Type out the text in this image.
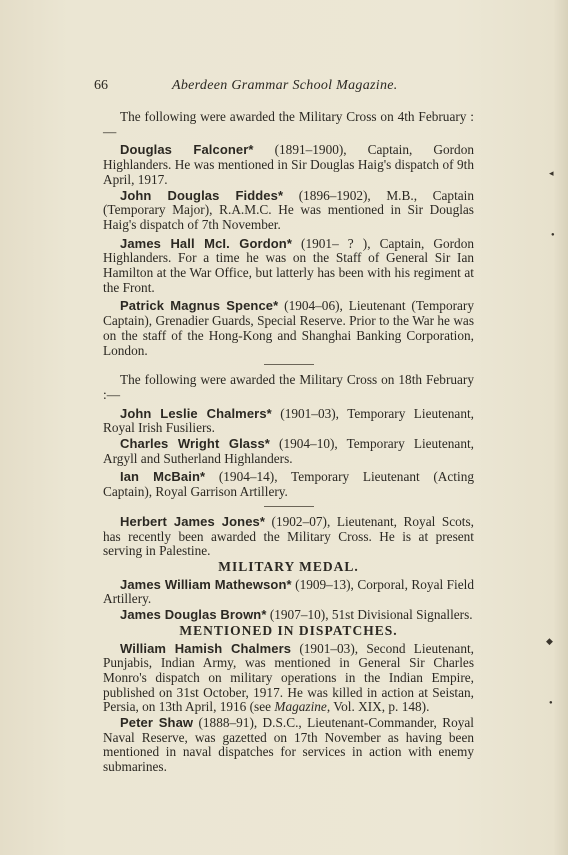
◂
●
◆
●
66	Aberdeen Grammar School Magazine.

The following were awarded the Military Cross on 4th February :—

Douglas Falconer* (1891–1900), Captain, Gordon Highlanders. He was mentioned in Sir Douglas Haig's dispatch of 9th April, 1917.

John Douglas Fiddes* (1896–1902), M.B., Captain (Temporary Major), R.A.M.C. He was mentioned in Sir Douglas Haig's dispatch of 7th November.

James Hall McI. Gordon* (1901– ? ), Captain, Gordon Highlanders. For a time he was on the Staff of General Sir Ian Hamilton at the War Office, but latterly has been with his regiment at the Front.

Patrick Magnus Spence* (1904–06), Lieutenant (Temporary Captain), Grenadier Guards, Special Reserve. Prior to the War he was on the staff of the Hong-Kong and Shanghai Banking Corporation, London.

The following were awarded the Military Cross on 18th February :—

John Leslie Chalmers* (1901–03), Temporary Lieutenant, Royal Irish Fusiliers.

Charles Wright Glass* (1904–10), Temporary Lieutenant, Argyll and Sutherland Highlanders.

Ian McBain* (1904–14), Temporary Lieutenant (Acting Captain), Royal Garrison Artillery.

Herbert James Jones* (1902–07), Lieutenant, Royal Scots, has recently been awarded the Military Cross. He is at present serving in Palestine.

MILITARY MEDAL.

James William Mathewson* (1909–13), Corporal, Royal Field Artillery.

James Douglas Brown* (1907–10), 51st Divisional Signallers.

MENTIONED IN DISPATCHES.

William Hamish Chalmers (1901–03), Second Lieutenant, Punjabis, Indian Army, was mentioned in General Sir Charles Monro's dispatch on military operations in the Indian Empire, published on 31st October, 1917. He was killed in action at Seistan, Persia, on 13th April, 1916 (see Magazine, Vol. XIX, p. 148).

Peter Shaw (1888–91), D.S.C., Lieutenant-Commander, Royal Naval Reserve, was gazetted on 17th November as having been mentioned in naval dispatches for services in action with enemy submarines.
